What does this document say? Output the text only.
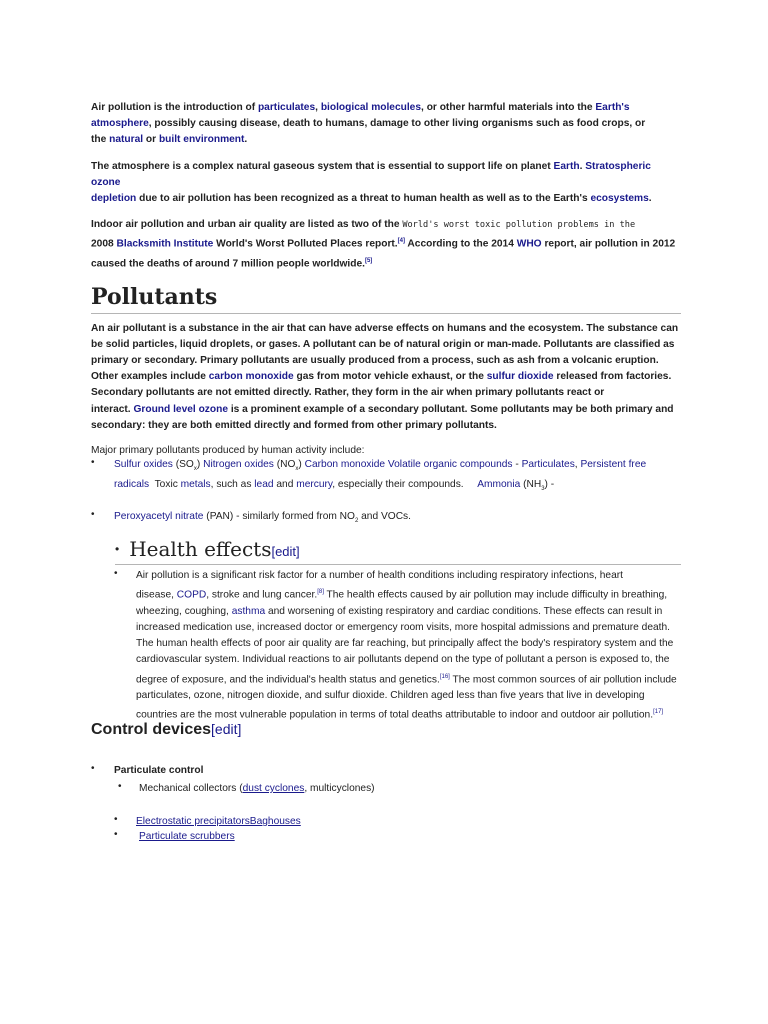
Air pollution is the introduction of particulates, biological molecules, or other harmful materials into the Earth's
atmosphere, possibly causing disease, death to humans, damage to other living organisms such as food crops, or
the natural or built environment.

The atmosphere is a complex natural gaseous system that is essential to support life on planet Earth. Stratospheric ozone
depletion due to air pollution has been recognized as a threat to human health as well as to the Earth's ecosystems.

Indoor air pollution and urban air quality are listed as two of the World's worst toxic pollution problems in the
2008 Blacksmith Institute World's Worst Polluted Places report.[4] According to the 2014 WHO report, air pollution in 2012
caused the deaths of around 7 million people worldwide.[5]

Pollutants

An air pollutant is a substance in the air that can have adverse effects on humans and the ecosystem. The substance can
be solid particles, liquid droplets, or gases. A pollutant can be of natural origin or man-made. Pollutants are classified as
primary or secondary. Primary pollutants are usually produced from a process, such as ash from a volcanic eruption.
Other examples include carbon monoxide gas from motor vehicle exhaust, or the sulfur dioxide released from factories.
Secondary pollutants are not emitted directly. Rather, they form in the air when primary pollutants react or
interact. Ground level ozone is a prominent example of a secondary pollutant. Some pollutants may be both primary and
secondary: they are both emitted directly and formed from other primary pollutants.

Major primary pollutants produced by human activity include:

• Sulfur oxides $(SO_x)$ Nitrogen oxides $(NO_x)$ Carbon monoxide Volatile organic compounds - Particulates, Persistent free
radicals  Toxic metals, such as lead and mercury, especially their compounds.     Ammonia $(NH_3)$ -
• Peroxyacetyl nitrate (PAN) - similarly formed from $NO_2$ and VOCs.
• Health effects[edit]
• Air pollution is a significant risk factor for a number of health conditions including respiratory infections, heart
disease, COPD, stroke and lung cancer.[8] The health effects caused by air pollution may include difficulty in breathing,
wheezing, coughing, asthma and worsening of existing respiratory and cardiac conditions. These effects can result in
increased medication use, increased doctor or emergency room visits, more hospital admissions and premature death.
The human health effects of poor air quality are far reaching, but principally affect the body's respiratory system and the
cardiovascular system. Individual reactions to air pollutants depend on the type of pollutant a person is exposed to, the
degree of exposure, and the individual's health status and genetics.[16] The most common sources of air pollution include
particulates, ozone, nitrogen dioxide, and sulfur dioxide. Children aged less than five years that live in developing
countries are the most vulnerable population in terms of total deaths attributable to indoor and outdoor air pollution.[17]
Control devices[edit]
• Particulate control
• Mechanical collectors (dust cyclones, multicyclones)
• Electrostatic precipitatorsBaghouses
• Particulate scrubbers
